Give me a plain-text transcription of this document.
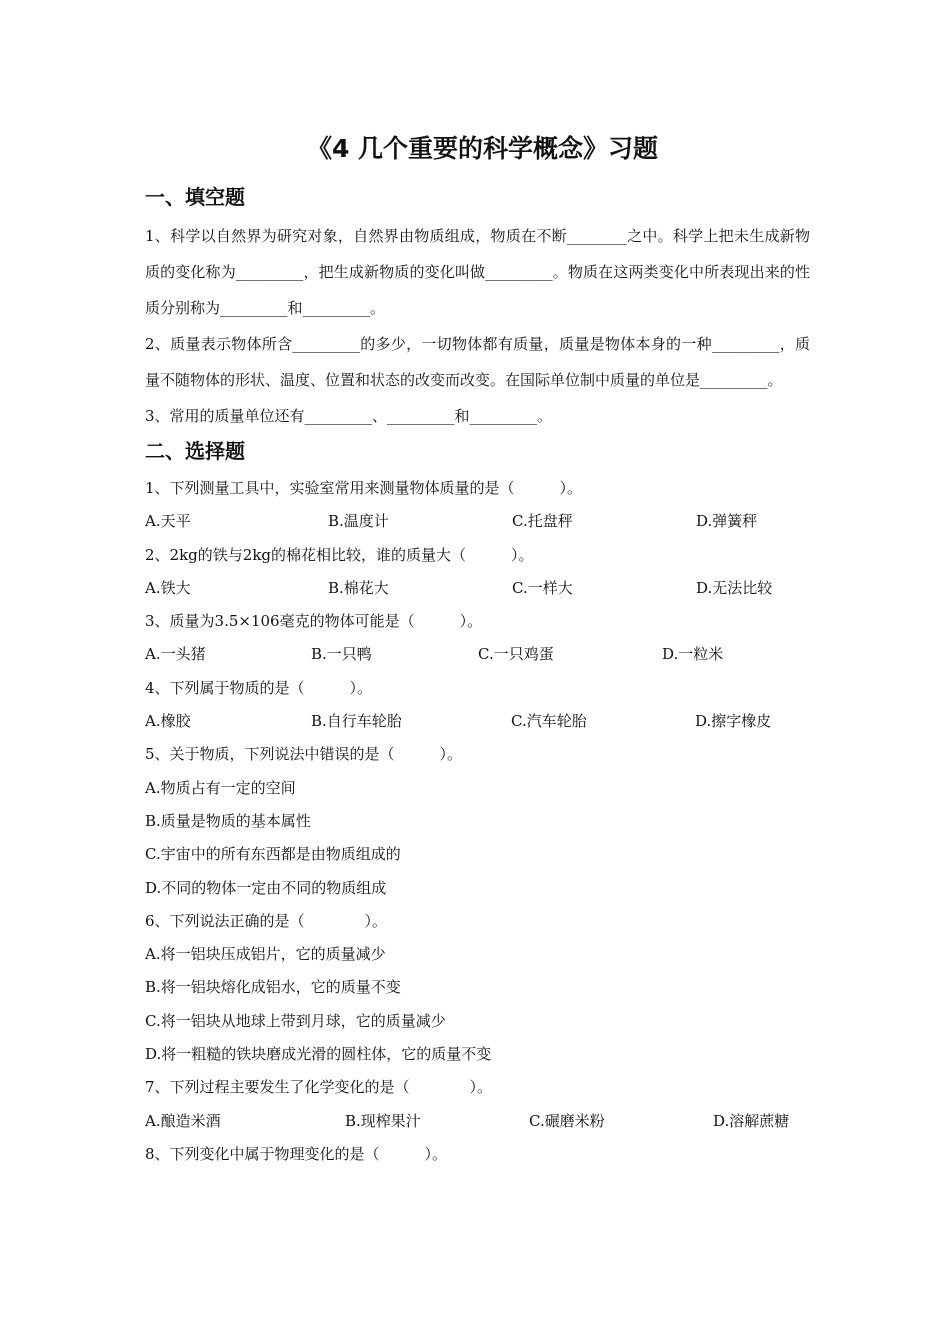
《4 几个重要的科学概念》习题
一、填空题

1、科学以自然界为研究对象，自然界由物质组成，物质在不断________之中。科学上把未生成新物质的变化称为_________，把生成新物质的变化叫做_________。物质在这两类变化中所表现出来的性质分别称为_________和_________。

2、质量表示物体所含_________的多少，一切物体都有质量，质量是物体本身的一种_________，质量不随物体的形状、温度、位置和状态的改变而改变。在国际单位制中质量的单位是_________。

3、常用的质量单位还有_________、_________和_________。

二、选择题

1、下列测量工具中，实验室常用来测量物体质量的是（　　　）。

A.天平	B.温度计	C.托盘秤	D.弹簧秤

2、2kg的铁与2kg的棉花相比较，谁的质量大（　　　）。

A.铁大	B.棉花大	C.一样大	D.无法比较

3、质量为3.5×106毫克的物体可能是（　　　）。

A.一头猪	B.一只鸭	C.一只鸡蛋	D.一粒米

4、下列属于物质的是（　　　）。

A.橡胶	B.自行车轮胎	C.汽车轮胎	D.擦字橡皮

5、关于物质，下列说法中错误的是（　　　）。

A.物质占有一定的空间

B.质量是物质的基本属性

C.宇宙中的所有东西都是由物质组成的

D.不同的物体一定由不同的物质组成

6、下列说法正确的是（　　　　）。

A.将一铝块压成铝片，它的质量减少

B.将一铝块熔化成铝水，它的质量不变

C.将一铝块从地球上带到月球，它的质量减少

D.将一粗糙的铁块磨成光滑的圆柱体，它的质量不变

7、下列过程主要发生了化学变化的是（　　　　）。

A.酿造米酒	B.现榨果汁	C.碾磨米粉	D.溶解蔗糖

8、下列变化中属于物理变化的是（　　　）。
